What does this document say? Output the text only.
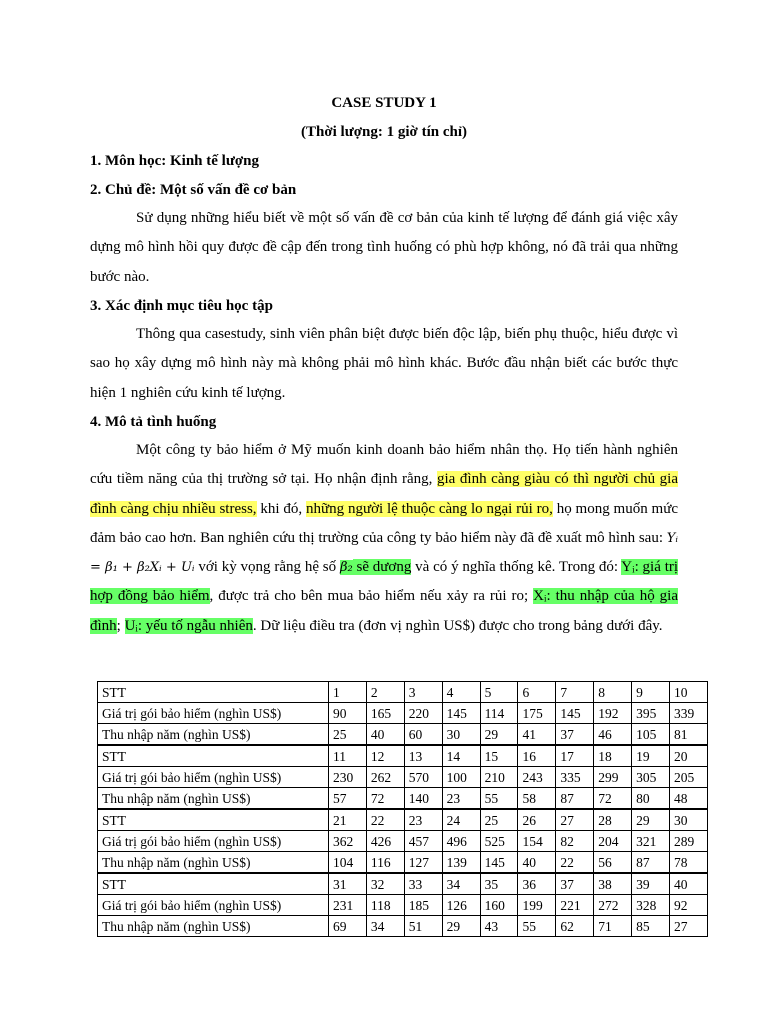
CASE STUDY 1
(Thời lượng: 1 giờ tín chỉ)
1. Môn học: Kinh tế lượng
2. Chủ đề: Một số vấn đề cơ bản
Sử dụng những hiểu biết về một số vấn đề cơ bản của kinh tế lượng để đánh giá việc xây dựng mô hình hồi quy được đề cập đến trong tình huống có phù hợp không, nó đã trải qua những bước nào.
3. Xác định mục tiêu học tập
Thông qua casestudy, sinh viên phân biệt được biến độc lập, biến phụ thuộc, hiểu được vì sao họ xây dựng mô hình này mà không phải mô hình khác. Bước đầu nhận biết các bước thực hiện 1 nghiên cứu kinh tế lượng.
4. Mô tả tình huống
Một công ty bảo hiểm ở Mỹ muốn kinh doanh bảo hiểm nhân thọ. Họ tiến hành nghiên cứu tiềm năng của thị trường sở tại. Họ nhận định rằng, gia đình càng giàu có thì người chủ gia đình càng chịu nhiều stress, khi đó, những người lệ thuộc càng lo ngại rủi ro, họ mong muốn mức đảm bảo cao hơn. Ban nghiên cứu thị trường của công ty bảo hiểm này đã đề xuất mô hình sau: Yᵢ = β₁ + β₂Xᵢ + Uᵢ với kỳ vọng rằng hệ số β₂ sẽ dương và có ý nghĩa thống kê. Trong đó: Yᵢ: giá trị hợp đồng bảo hiểm, được trả cho bên mua bảo hiểm nếu xảy ra rủi ro; Xᵢ: thu nhập của hộ gia đình; Uᵢ: yếu tố ngẫu nhiên. Dữ liệu điều tra (đơn vị nghìn US$) được cho trong bảng dưới đây.
STT	1	2	3	4	5	6	7	8	9	10
Giá trị gói bảo hiểm (nghìn US$)	90	165	220	145	114	175	145	192	395	339
Thu nhập năm (nghìn US$)	25	40	60	30	29	41	37	46	105	81
STT	11	12	13	14	15	16	17	18	19	20
Giá trị gói bảo hiểm (nghìn US$)	230	262	570	100	210	243	335	299	305	205
Thu nhập năm (nghìn US$)	57	72	140	23	55	58	87	72	80	48
STT	21	22	23	24	25	26	27	28	29	30
Giá trị gói bảo hiểm (nghìn US$)	362	426	457	496	525	154	82	204	321	289
Thu nhập năm (nghìn US$)	104	116	127	139	145	40	22	56	87	78
STT	31	32	33	34	35	36	37	38	39	40
Giá trị gói bảo hiểm (nghìn US$)	231	118	185	126	160	199	221	272	328	92
Thu nhập năm (nghìn US$)	69	34	51	29	43	55	62	71	85	27
